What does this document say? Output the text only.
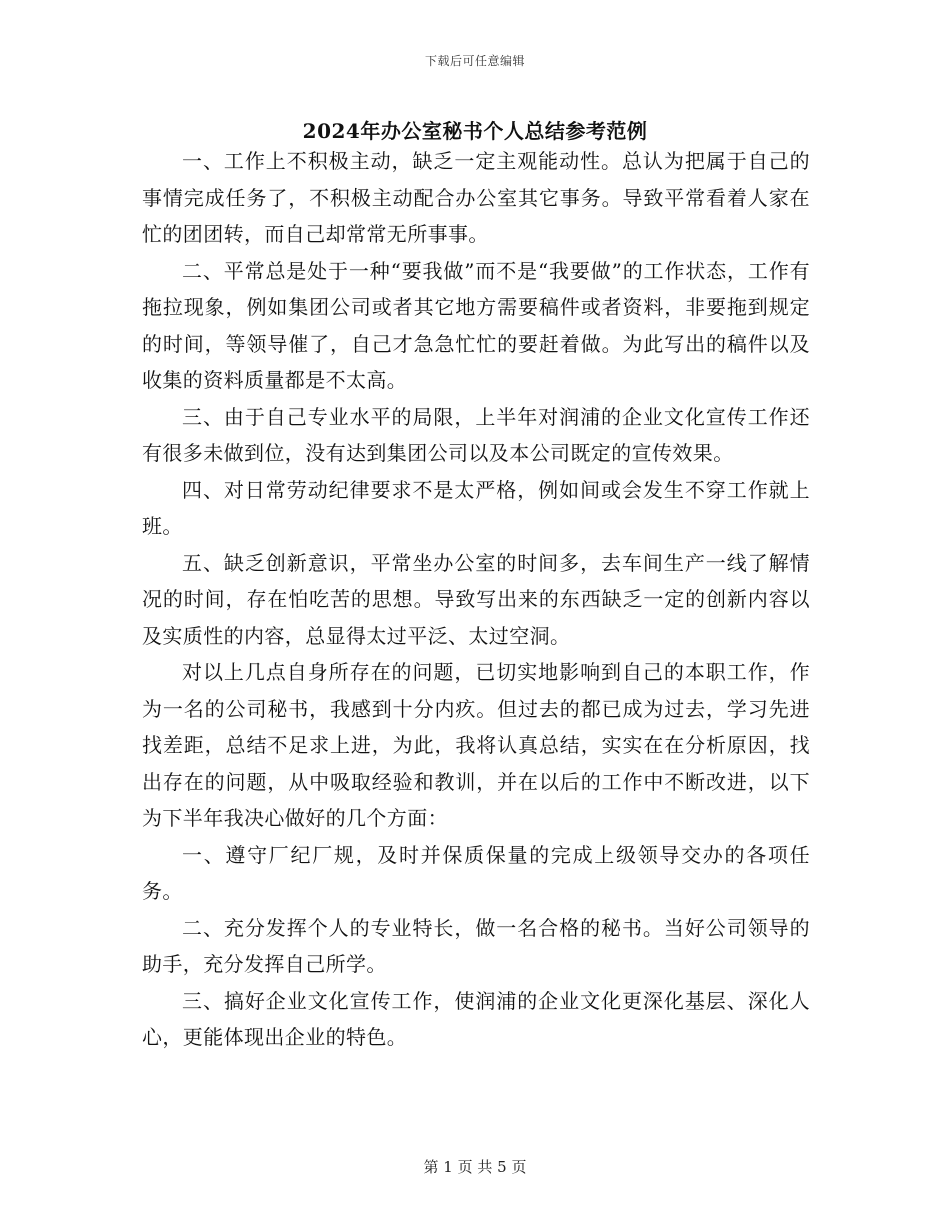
下载后可任意编辑
2024年办公室秘书个人总结参考范例

一、工作上不积极主动，缺乏一定主观能动性。总认为把属于自己的事情完成任务了，不积极主动配合办公室其它事务。导致平常看着人家在忙的团团转，而自己却常常无所事事。

二、平常总是处于一种“要我做”而不是“我要做”的工作状态，工作有拖拉现象，例如集团公司或者其它地方需要稿件或者资料，非要拖到规定的时间，等领导催了，自己才急急忙忙的要赶着做。为此写出的稿件以及收集的资料质量都是不太高。

三、由于自己专业水平的局限，上半年对润浦的企业文化宣传工作还有很多未做到位，没有达到集团公司以及本公司既定的宣传效果。

四、对日常劳动纪律要求不是太严格，例如间或会发生不穿工作就上班。

五、缺乏创新意识，平常坐办公室的时间多，去车间生产一线了解情况的时间，存在怕吃苦的思想。导致写出来的东西缺乏一定的创新内容以及实质性的内容，总显得太过平泛、太过空洞。

对以上几点自身所存在的问题，已切实地影响到自己的本职工作，作为一名的公司秘书，我感到十分内疚。但过去的都已成为过去，学习先进找差距，总结不足求上进，为此，我将认真总结，实实在在分析原因，找出存在的问题，从中吸取经验和教训，并在以后的工作中不断改进，以下为下半年我决心做好的几个方面：

一、遵守厂纪厂规，及时并保质保量的完成上级领导交办的各项任务。

二、充分发挥个人的专业特长，做一名合格的秘书。当好公司领导的助手，充分发挥自己所学。

三、搞好企业文化宣传工作，使润浦的企业文化更深化基层、深化人心，更能体现出企业的特色。

第 1 页 共 5 页
